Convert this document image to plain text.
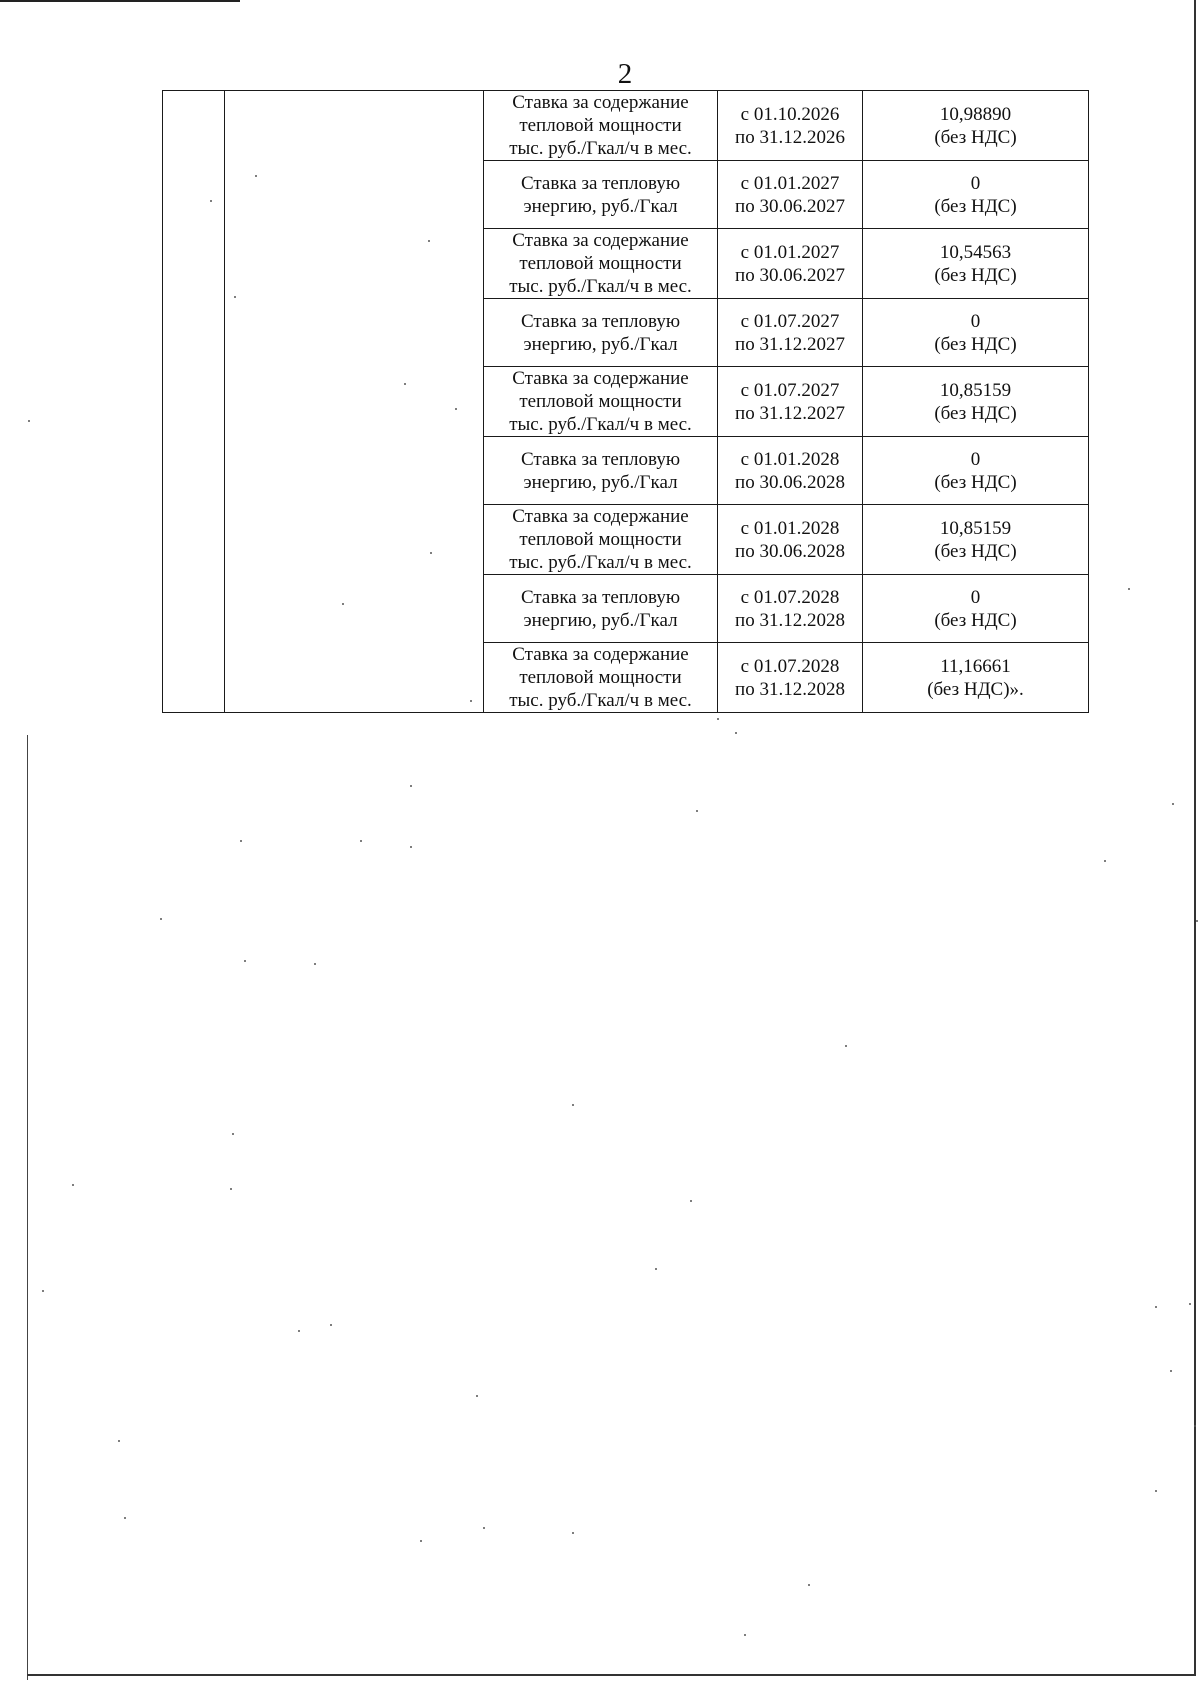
2

		Ставка за содержание
тепловой мощности
тыс. руб./Гкал/ч в мес.	с 01.10.2026
по 31.12.2026	10,98890
(без НДС)

		Ставка за тепловую
энергию, руб./Гкал	с 01.01.2027
по 30.06.2027	0
(без НДС)

		Ставка за содержание
тепловой мощности
тыс. руб./Гкал/ч в мес.	с 01.01.2027
по 30.06.2027	10,54563
(без НДС)

		Ставка за тепловую
энергию, руб./Гкал	с 01.07.2027
по 31.12.2027	0
(без НДС)

		Ставка за содержание
тепловой мощности
тыс. руб./Гкал/ч в мес.	с 01.07.2027
по 31.12.2027	10,85159
(без НДС)

		Ставка за тепловую
энергию, руб./Гкал	с 01.01.2028
по 30.06.2028	0
(без НДС)

		Ставка за содержание
тепловой мощности
тыс. руб./Гкал/ч в мес.	с 01.01.2028
по 30.06.2028	10,85159
(без НДС)

		Ставка за тепловую
энергию, руб./Гкал	с 01.07.2028
по 31.12.2028	0
(без НДС)

		Ставка за содержание
тепловой мощности
тыс. руб./Гкал/ч в мес.	с 01.07.2028
по 31.12.2028	11,16661
(без НДС)».
